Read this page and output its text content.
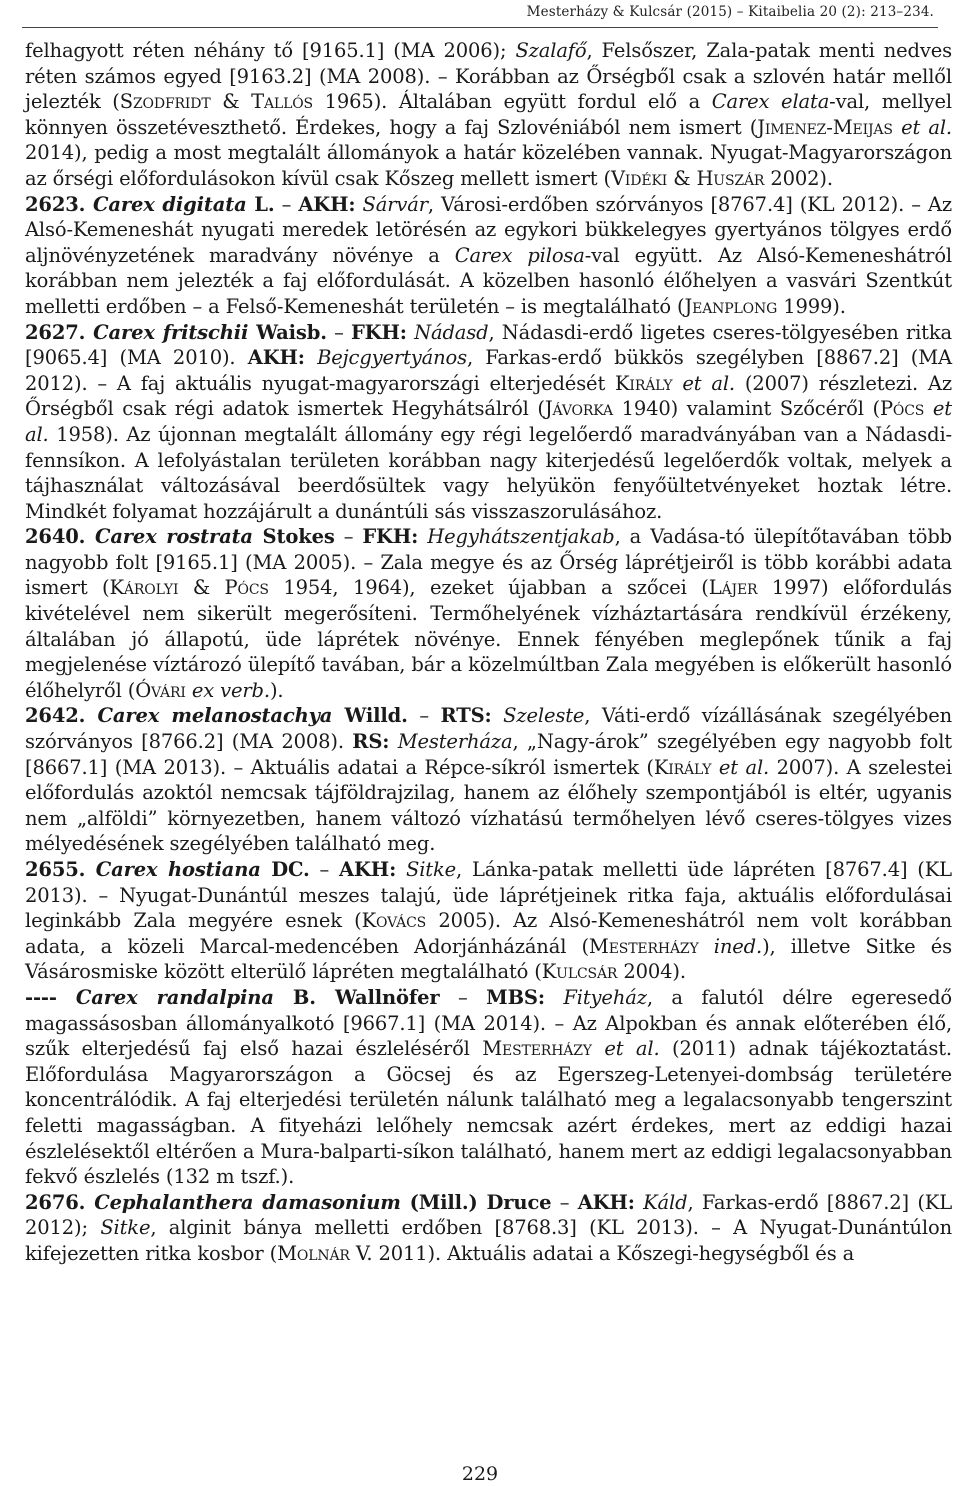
Mesterházy & Kulcsár (2015) – Kitaibelia 20 (2): 213–234.

felhagyott réten néhány tő [9165.1] (MA 2006); Szalafő, Felsőszer, Zala-patak menti nedves réten számos egyed [9163.2] (MA 2008). – Korábban az Őrségből csak a szlovén határ mellől jelezték (Szodfridt & Tallós 1965). Általában együtt fordul elő a Carex elata-val, mellyel könnyen összetéveszthető. Érdekes, hogy a faj Szlovéniából nem ismert (Jimenez-Meijas et al. 2014), pedig a most megtalált állományok a határ közelében vannak. Nyugat-Magyarországon az őrségi előfordulásokon kívül csak Kőszeg mellett ismert (Vidéki & Huszár 2002).

2623. Carex digitata L. – AKH: Sárvár, Városi-erdőben szórványos [8767.4] (KL 2012). – Az Alsó-Kemeneshát nyugati meredek letörésén az egykori bükkelegyes gyertyános tölgyes erdő aljnövényzetének maradvány növénye a Carex pilosa-val együtt. Az Alsó-Kemeneshátról korábban nem jelezték a faj előfordulását. A közelben hasonló élőhelyen a vasvári Szentkút melletti erdőben – a Felső-Kemeneshát területén – is megtalálható (Jeanplong 1999).

2627. Carex fritschii Waisb. – FKH: Nádasd, Nádasdi-erdő ligetes cseres-tölgyesében ritka [9065.4] (MA 2010). AKH: Bejcgyertyános, Farkas-erdő bükkös szegélyben [8867.2] (MA 2012). – A faj aktuális nyugat-magyarországi elterjedését Király et al. (2007) részletezi. Az Őrségből csak régi adatok ismertek Hegyhátsálról (Jávorka 1940) valamint Szőcéről (Pócs et al. 1958). Az újonnan megtalált állomány egy régi legelőerdő maradványában van a Nádasdi-fennsíkon. A lefolyástalan területen korábban nagy kiterjedésű legelőerdők voltak, melyek a tájhasználat változásával beerdősültek vagy helyükön fenyőültetvényeket hoztak létre. Mindkét folyamat hozzájárult a dunántúli sás visszaszorulásához.

2640. Carex rostrata Stokes – FKH: Hegyhátszentjakab, a Vadása-tó ülepítőtavában több nagyobb folt [9165.1] (MA 2005). – Zala megye és az Őrség láprétjeiről is több korábbi adata ismert (Károlyi & Pócs 1954, 1964), ezeket újabban a szőcei (Lájer 1997) előfordulás kivételével nem sikerült megerősíteni. Termőhelyének vízháztartására rendkívül érzékeny, általában jó állapotú, üde láprétek növénye. Ennek fényében meglepőnek tűnik a faj megjelenése víztározó ülepítő tavában, bár a közelmúltban Zala megyében is előkerült hasonló élőhelyről (Óvári ex verb.).

2642. Carex melanostachya Willd. – RTS: Szeleste, Váti-erdő vízállásának szegélyében szórványos [8766.2] (MA 2008). RS: Mesterháza, „Nagy-árok” szegélyében egy nagyobb folt [8667.1] (MA 2013). – Aktuális adatai a Répce-síkról ismertek (Király et al. 2007). A szelestei előfordulás azoktól nemcsak tájföldrajzilag, hanem az élőhely szempontjából is eltér, ugyanis nem „alföldi” környezetben, hanem változó vízhatású termőhelyen lévő cseres-tölgyes vizes mélyedésének szegélyében található meg.

2655. Carex hostiana DC. – AKH: Sitke, Lánka-patak melletti üde lápréten [8767.4] (KL 2013). – Nyugat-Dunántúl meszes talajú, üde láprétjeinek ritka faja, aktuális előfordulásai leginkább Zala megyére esnek (Kovács 2005). Az Alsó-Kemeneshátról nem volt korábban adata, a közeli Marcal-medencében Adorjánházánál (Mesterházy ined.), illetve Sitke és Vásárosmiske között elterülő lápréten megtalálható (Kulcsár 2004).

---- Carex randalpina B. Wallnöfer – MBS: Fityeház, a falutól délre egeresedő magassásosban állományalkotó [9667.1] (MA 2014). – Az Alpokban és annak előterében élő, szűk elterjedésű faj első hazai észleléséről Mesterházy et al. (2011) adnak tájékoztatást. Előfordulása Magyarországon a Göcsej és az Egerszeg-Letenyei-dombság területére koncentrálódik. A faj elterjedési területén nálunk található meg a legalacsonyabb tengerszint feletti magasságban. A fityeházi lelőhely nemcsak azért érdekes, mert az eddigi hazai észlelésektől eltérően a Mura-balparti-síkon található, hanem mert az eddigi legalacsonyabban fekvő észlelés (132 m tszf.).

2676. Cephalanthera damasonium (Mill.) Druce – AKH: Káld, Farkas-erdő [8867.2] (KL 2012); Sitke, alginit bánya melletti erdőben [8768.3] (KL 2013). – A Nyugat-Dunántúlon kifejezetten ritka kosbor (Molnár V. 2011). Aktuális adatai a Kőszegi-hegységből és a

229
